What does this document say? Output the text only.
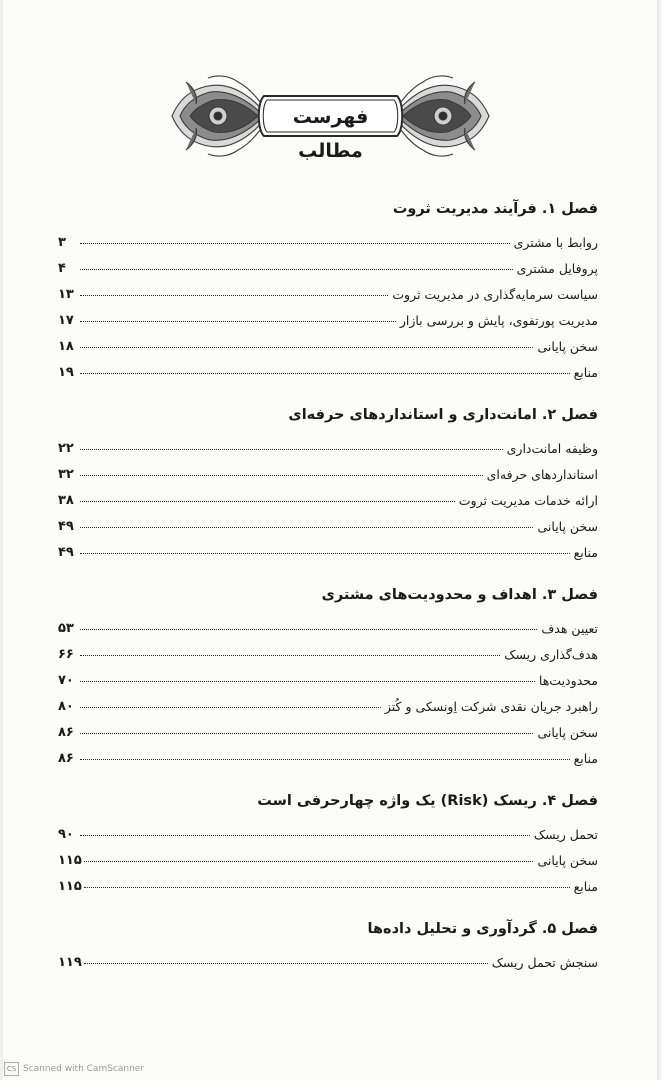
فهرست مطالب
فصل ۱. فرآیند مدیریت ثروت
روابط با مشتری
۳
پروفایل مشتری
۴
سیاست سرمایه‌گذاری در مدیریت ثروت
۱۳
مدیریت پورتفوی، پایش و بررسی بازار
۱۷
سخن پایانی
۱۸
منابع
۱۹
فصل ۲. امانت‌داری و استانداردهای حرفه‌ای
وظیفه امانت‌داری
۲۲
استانداردهای حرفه‌ای
۳۲
ارائه خدمات مدیریت ثروت
۳۸
سخن پایانی
۴۹
منابع
۴۹
فصل ۳. اهداف و محدودیت‌های مشتری
تعیین هدف
۵۳
هدف‌گذاری ریسک
۶۶
محدودیت‌ها
۷۰
راهبرد جریان نقدی شرکت اِونسکی و کُتز
۸۰
سخن پایانی
۸۶
منابع
۸۶
فصل ۴. ریسک (Risk) یک واژه چهارحرفی است
تحمل ریسک
۹۰
سخن پایانی
۱۱۵
منابع
۱۱۵
فصل ۵. گردآوری و تحلیل داده‌ها
سنجش تحمل ریسک
۱۱۹
CS Scanned with CamScanner
